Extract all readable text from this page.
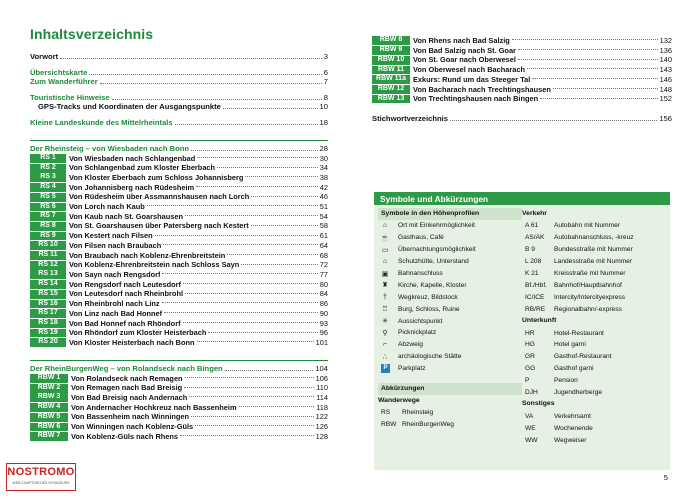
Inhaltsverzeichnis
Vorwort	3
Übersichtskarte	6
Zum Wanderführer	7
Touristische Hinweise	8
GPS-Tracks und Koordinaten der Ausgangspunkte	10
Kleine Landeskunde des Mittelrheintals	18
Der Rheinsteig – von Wiesbaden nach Bonn	28
RS 1	Von Wiesbaden nach Schlangenbad	30
RS 2	Von Schlangenbad zum Kloster Eberbach	34
RS 3	Von Kloster Eberbach zum Schloss Johannisberg	38
RS 4	Von Johannisberg nach Rüdesheim	42
RS 5	Von Rüdesheim über Assmannshausen nach Lorch	46
RS 6	Von Lorch nach Kaub	51
RS 7	Von Kaub nach St. Goarshausen	54
RS 8	Von St. Goarshausen über Patersberg nach Kestert	58
RS 9	Von Kestert nach Filsen	61
RS 10	Von Filsen nach Braubach	64
RS 11	Von Braubach nach Koblenz-Ehrenbreitstein	68
RS 12	Von Koblenz-Ehrenbreitstein nach Schloss Sayn	72
RS 13	Von Sayn nach Rengsdorf	77
RS 14	Von Rengsdorf nach Leutesdorf	80
RS 15	Von Leutesdorf nach Rheinbrohl	84
RS 16	Von Rheinbrohl nach Linz	86
RS 17	Von Linz nach Bad Honnef	90
RS 18	Von Bad Honnef nach Rhöndorf	93
RS 19	Von Rhöndorf zum Kloster Heisterbach	96
RS 20	Von Kloster Heisterbach nach Bonn	101
Der RheinBurgenWeg – von Rolandseck nach Bingen	104
RBW 1	Von Rolandseck nach Remagen	106
RBW 2	Von Remagen nach Bad Breisig	110
RBW 3	Von Bad Breisig nach Andernach	114
RBW 4	Von Andernacher Hochkreuz nach Bassenheim	118
RBW 5	Von Bassenheim nach Winningen	122
RBW 6	Von Winningen nach Koblenz-Güls	126
RBW 7	Von Koblenz-Güls nach Rhens	128
RBW 8	Von Rhens nach Bad Salzig	132
RBW 9	Von Bad Salzig nach St. Goar	136
RBW 10	Von St. Goar nach Oberwesel	140
RBW 11	Von Oberwesel nach Bacharach	143
RBW 11a Exkurs: Rund um das Steeger Tal	146
RBW 12	Von Bacharach nach Trechtingshausen	148
RBW 13	Von Trechtingshausen nach Bingen	152
Stichwortverzeichnis	156
Symbole und Abkürzungen
Symbole in den Höhenprofilen
⌂	Ort mit Einkehrmöglichkeit
☕	Gasthaus, Café
▭	Übernachtungsmöglichkeit
⌂	Schutzhütte, Unterstand
▣	Bahnanschluss
♜	Kirche, Kapelle, Kloster
†	Wegkreuz, Bildstock
♖	Burg, Schloss, Ruine
✳	Aussichtspunkt
⚲	Picknickplatz
⌐	Abzweig
∴	archäologische Stätte
P	Parkplatz
Abkürzungen
Wanderwege
RS	Rheinsteig
RBW RheinBurgenWeg
Verkehr
A 61	Autobahn mit Nummer
AS/AK	Autobahnanschluss, -kreuz
B 9	Bundesstraße mit Nummer
L 208	Landesstraße mit Nummer
K 21	Kreisstraße mit Nummer
Bf./Hbf.	Bahnhof/Hauptbahnhof
IC/ICE	Intercity/Intercityexpress
RB/RE	Regionalbahn/-express
Unterkunft
HR	Hotel-Restaurant
HG	Hotel garni
GR	Gasthof-Restaurant
GG	Gasthof garni
P	Pension
DJH	Jugendherberge
Sonstiges
VA	Verkehrsamt
WE	Wochenende
WW	Wegweiser
5
NOSTROMO
WEB COMPTOIR DES VOYAGEURS
